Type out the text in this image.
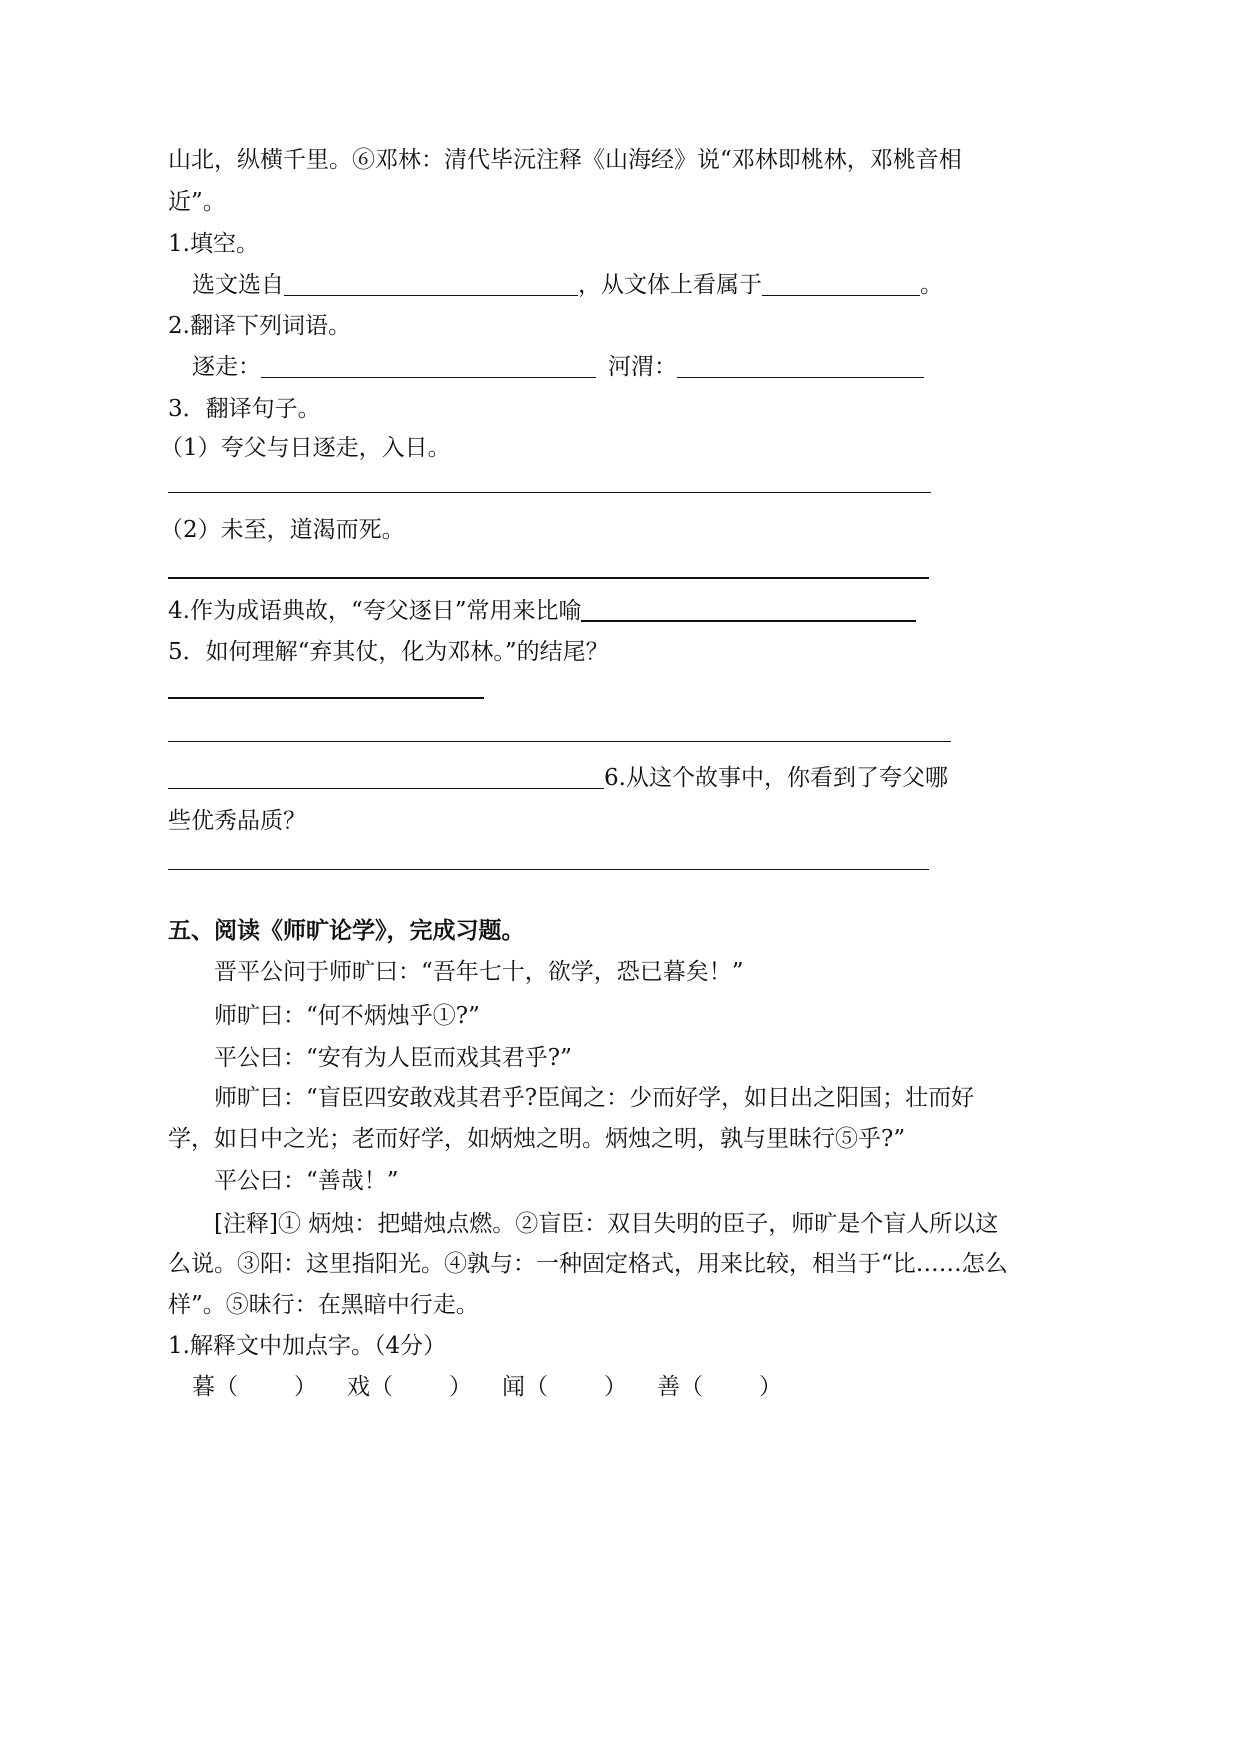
山北，纵横千里。⑥邓林：清代毕沅注释《山海经》说“邓林即桃林，邓桃音相
近”。
1.填空。
选文选自	，从文体上看属于	。
2.翻译下列词语。
逐走：	河渭：
3．翻译句子。
（1）夸父与日逐走，入日。
（2）未至，道渴而死。
4.作为成语典故，“夸父逐日”常用来比喻
5．如何理解“弃其仗，化为邓林。”的结尾？
6.从这个故事中，你看到了夸父哪
些优秀品质？
五、阅读《师旷论学》，完成习题。
晋平公问于师旷曰：“吾年七十，欲学，恐已暮矣！”
师旷曰：“何不炳烛乎①?”
平公曰：“安有为人臣而戏其君乎?”
师旷曰：“盲臣四安敢戏其君乎?臣闻之：少而好学，如日出之阳国；壮而好
学，如日中之光；老而好学，如炳烛之明。炳烛之明，孰与里昧行⑤乎?”
平公曰：“善哉！”
[注释]① 炳烛：把蜡烛点燃。②盲臣：双目失明的臣子，师旷是个盲人所以这
么说。③阳：这里指阳光。④孰与：一种固定格式，用来比较，相当于“比……怎么
样”。⑤昧行：在黑暗中行走。
1.解释文中加点字。（4分）
暮（ ） 戏（ ） 闻（ ） 善（ ）
